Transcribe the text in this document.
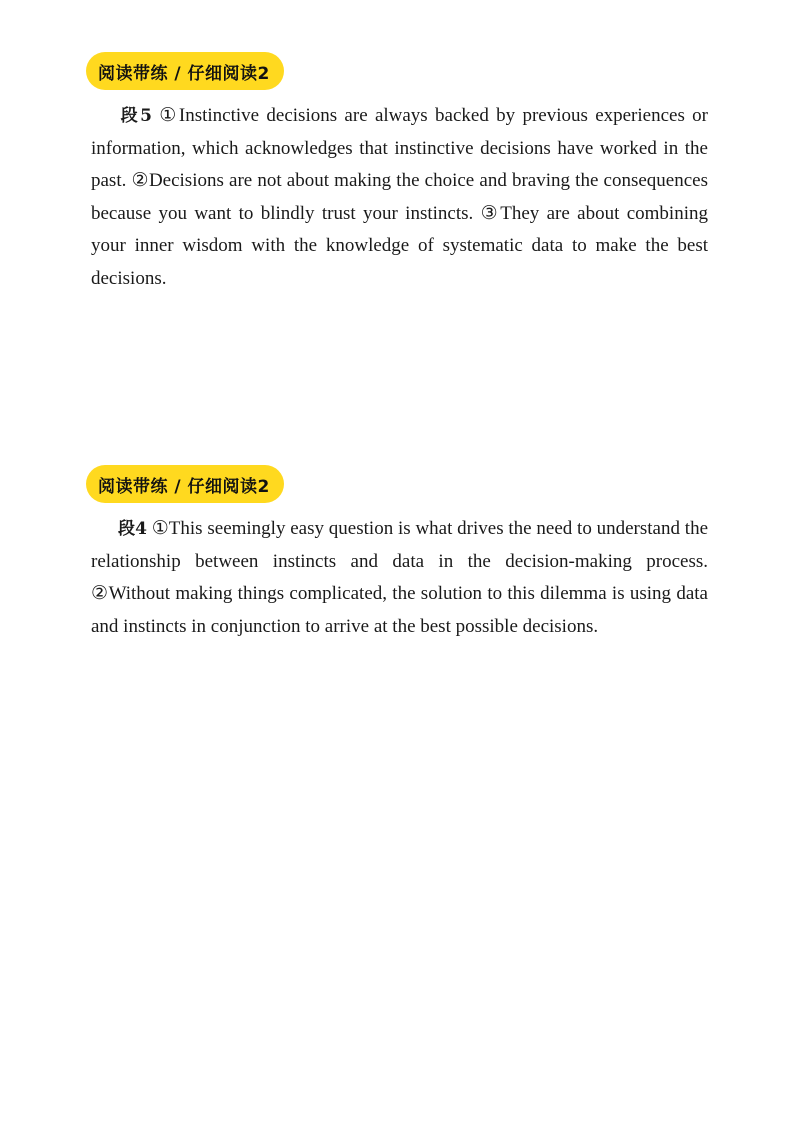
阅读带练 / 仔细阅读2

段5 ①Instinctive decisions are always backed by previous experiences or information, which acknowledges that instinctive decisions have worked in the past. ②Decisions are not about making the choice and braving the consequences because you want to blindly trust your instincts. ③They are about combining your inner wisdom with the knowledge of systematic data to make the best decisions.

阅读带练 / 仔细阅读2

段4 ①This seemingly easy question is what drives the need to understand the relationship between instincts and data in the decision-making process. ②Without making things complicated, the solution to this dilemma is using data and instincts in conjunction to arrive at the best possible decisions.
